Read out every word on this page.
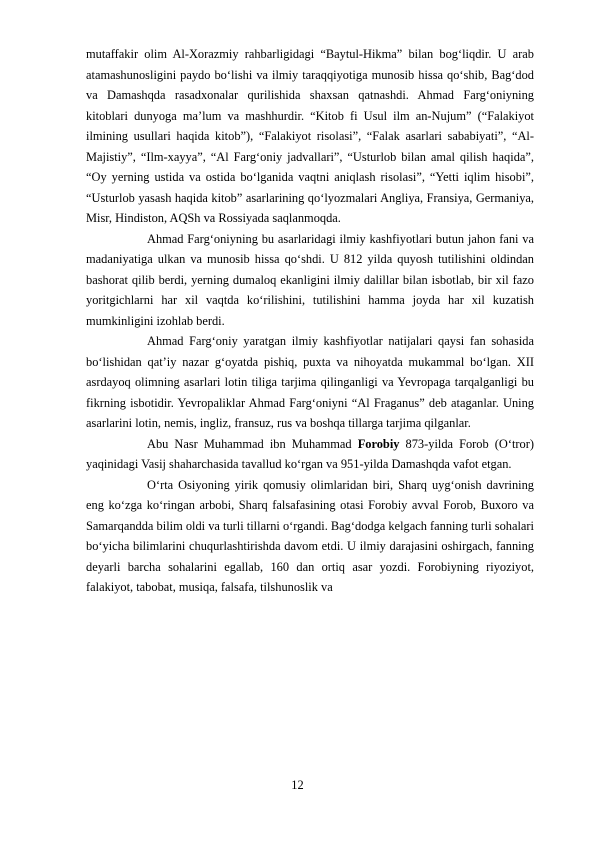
mutaffakir olim Al-Xorazmiy rahbarligidagi “Baytul-Hikma” bilan bog‘liqdir. U arab atamashunosligini paydo bo‘lishi va ilmiy taraqqiyotiga munosib hissa qo‘shib, Bag‘dod va Damashqda rasadxonalar qurilishida shaxsan qatnashdi. Ahmad Farg‘oniyning kitoblari dunyoga ma’lum va mashhurdir. “Kitob fi Usul ilm an-Nujum” (“Falakiyot ilmining usullari haqida kitob”), “Falakiyot risolasi”, “Falak asarlari sababiyati”, “Al-Majistiy”, “Ilm-xayya”, “Al Farg‘oniy jadvallari”, “Usturlob bilan amal qilish haqida”, “Oy yerning ustida va ostida bo‘lganida vaqtni aniqlash risolasi”, “Yetti iqlim hisobi”, “Usturlob yasash haqida kitob” asarlarining qo‘lyozmalari Angliya, Fransiya, Germaniya, Misr, Hindiston, AQSh va Rossiyada saqlanmoqda.

Ahmad Farg‘oniyning bu asarlaridagi ilmiy kashfiyotlari butun jahon fani va madaniyatiga ulkan va munosib hissa qo‘shdi. U 812 yilda quyosh tutilishini oldindan bashorat qilib berdi, yerning dumaloq ekanligini ilmiy dalillar bilan isbotlab, bir xil fazo yoritgichlarni har xil vaqtda ko‘rilishini, tutilishini hamma joyda har xil kuzatish mumkinligini izohlab berdi.

Ahmad Farg‘oniy yaratgan ilmiy kashfiyotlar natijalari qaysi fan sohasida bo‘lishidan qat’iy nazar g‘oyatda pishiq, puxta va nihoyatda mukammal bo‘lgan. XII asrdayoq olimning asarlari lotin tiliga tarjima qilinganligi va Yevropaga tarqalganligi bu fikrning isbotidir. Yevropaliklar Ahmad Farg‘oniyni “Al Fraganus” deb ataganlar. Uning asarlarini lotin, nemis, ingliz, fransuz, rus va boshqa tillarga tarjima qilganlar.

Abu Nasr Muhammad ibn Muhammad Forobiy 873-yilda Forob (O‘tror) yaqinidagi Vasij shaharchasida tavallud ko‘rgan va 951-yilda Damashqda vafot etgan.

O‘rta Osiyoning yirik qomusiy olimlaridan biri, Sharq uyg‘onish davrining eng ko‘zga ko‘ringan arbobi, Sharq falsafasining otasi Forobiy avval Forob, Buxoro va Samarqandda bilim oldi va turli tillarni o‘rgandi. Bag‘dodga kelgach fanning turli sohalari bo‘yicha bilimlarini chuqurlashtirishda davom etdi. U ilmiy darajasini oshirgach, fanning deyarli barcha sohalarini egallab, 160 dan ortiq asar yozdi. Forobiyning riyoziyot, falakiyot, tabobat, musiqa, falsafa, tilshunoslik va

12
